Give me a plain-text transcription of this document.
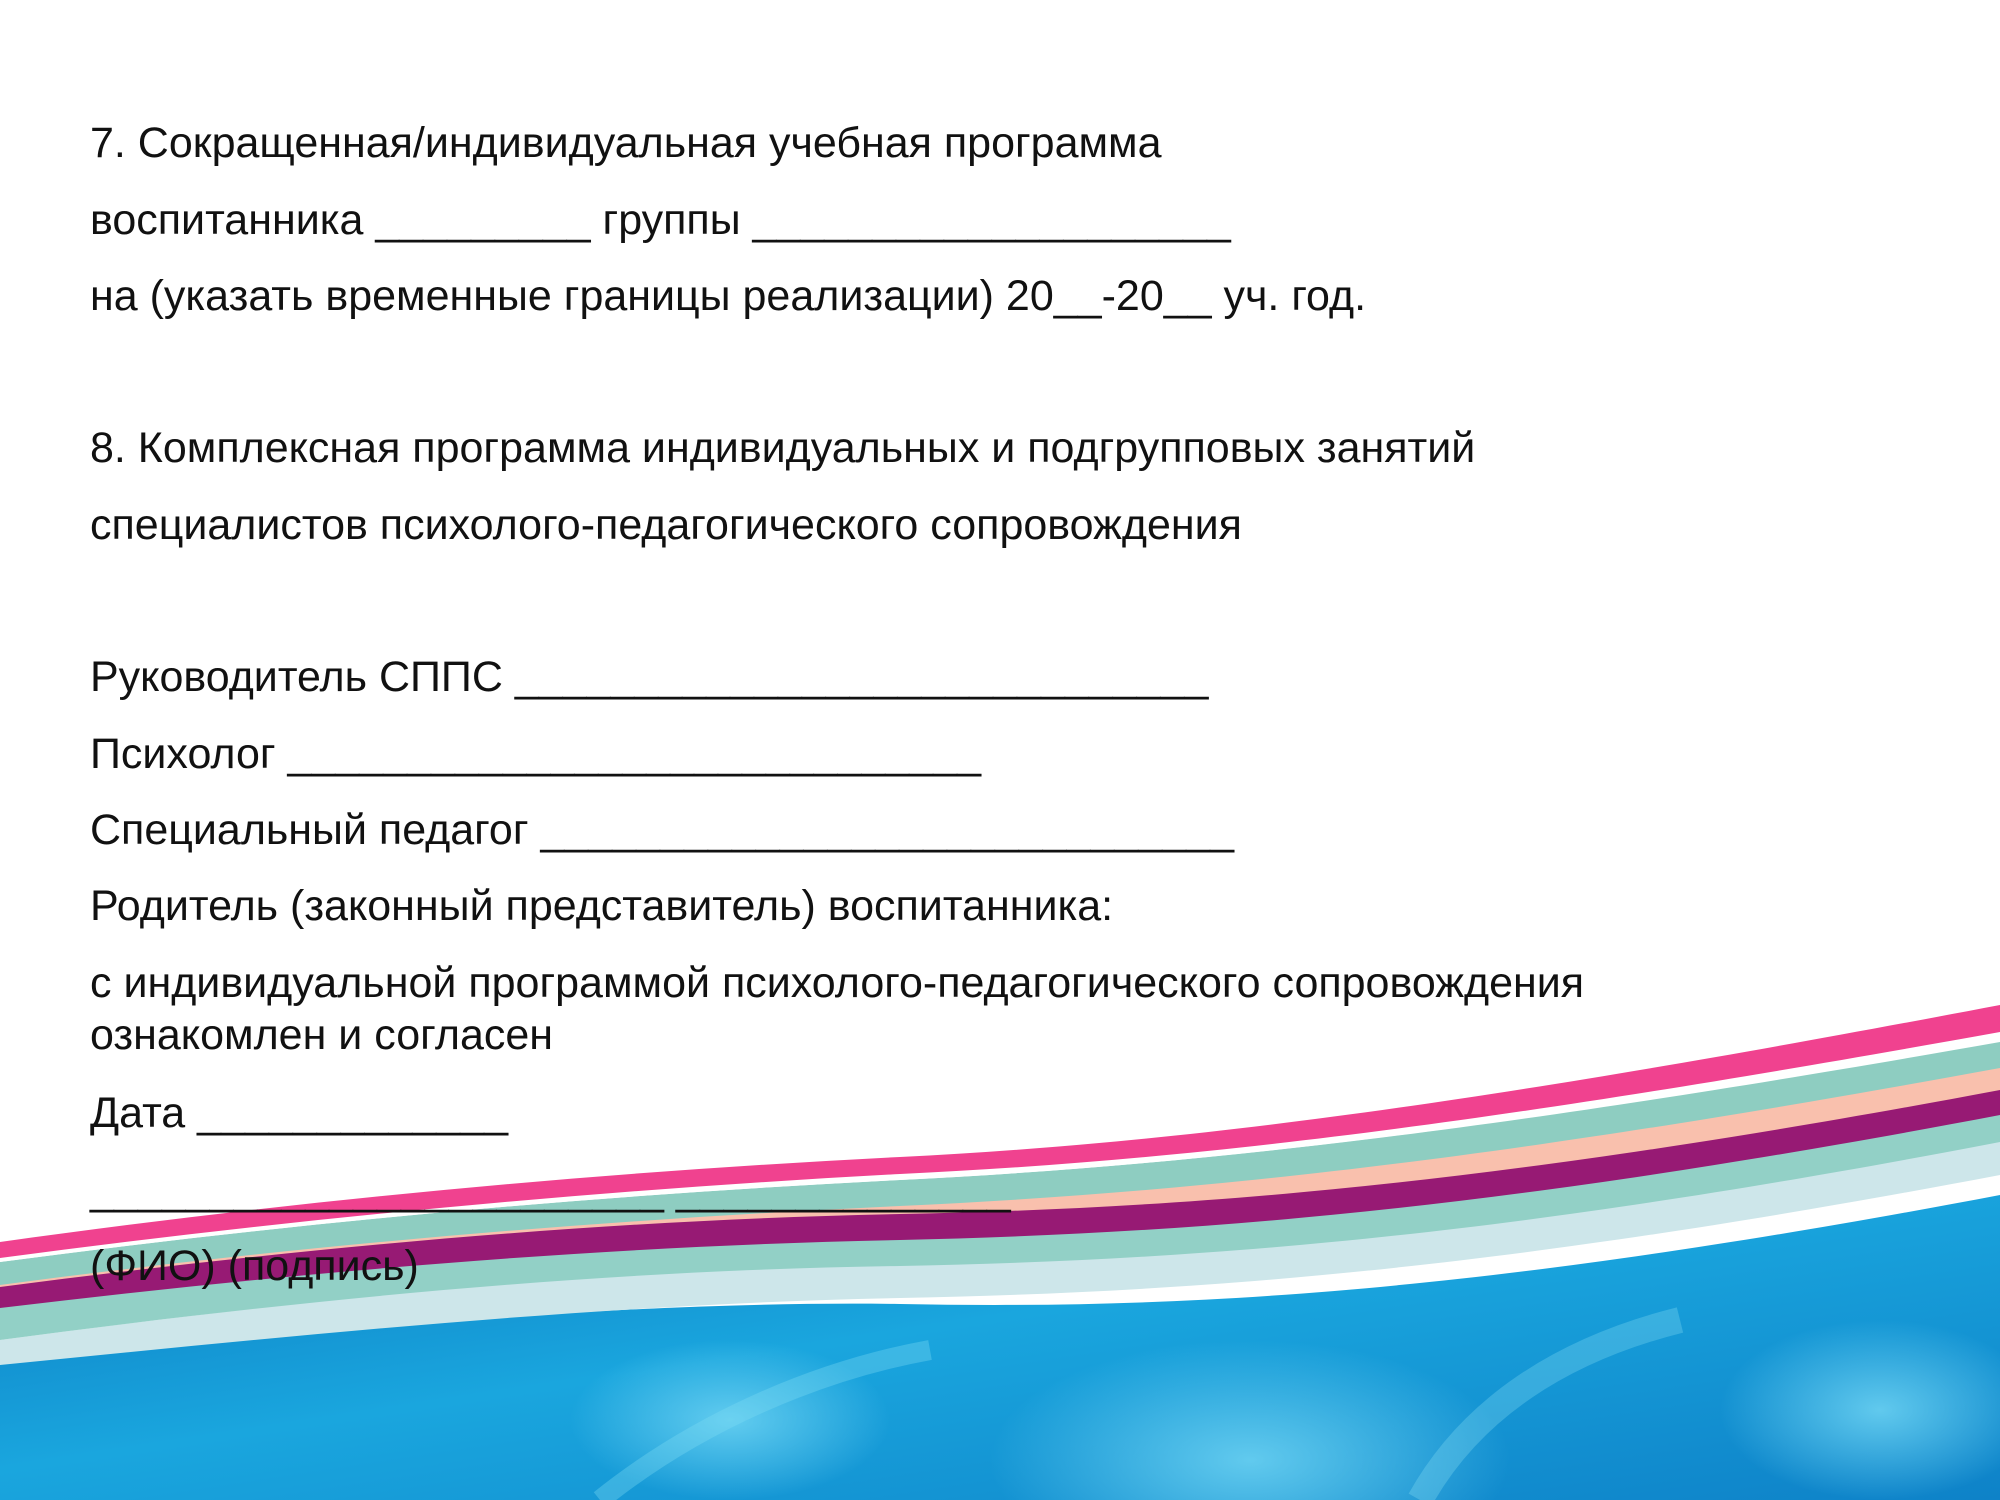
7. Сокращенная/индивидуальная учебная программа
воспитанника _________ группы ____________________
на (указать временные границы реализации) 20__-20__ уч. год.
8. Комплексная программа индивидуальных и подгрупповых занятий
специалистов психолого-педагогического сопровождения
Руководитель СППС _____________________________
Психолог _____________________________
Специальный педагог _____________________________
Родитель (законный представитель) воспитанника:
с индивидуальной программой психолого-педагогического сопровождения
ознакомлен и согласен
Дата _____________
________________________ ______________
(ФИО) (подпись)
